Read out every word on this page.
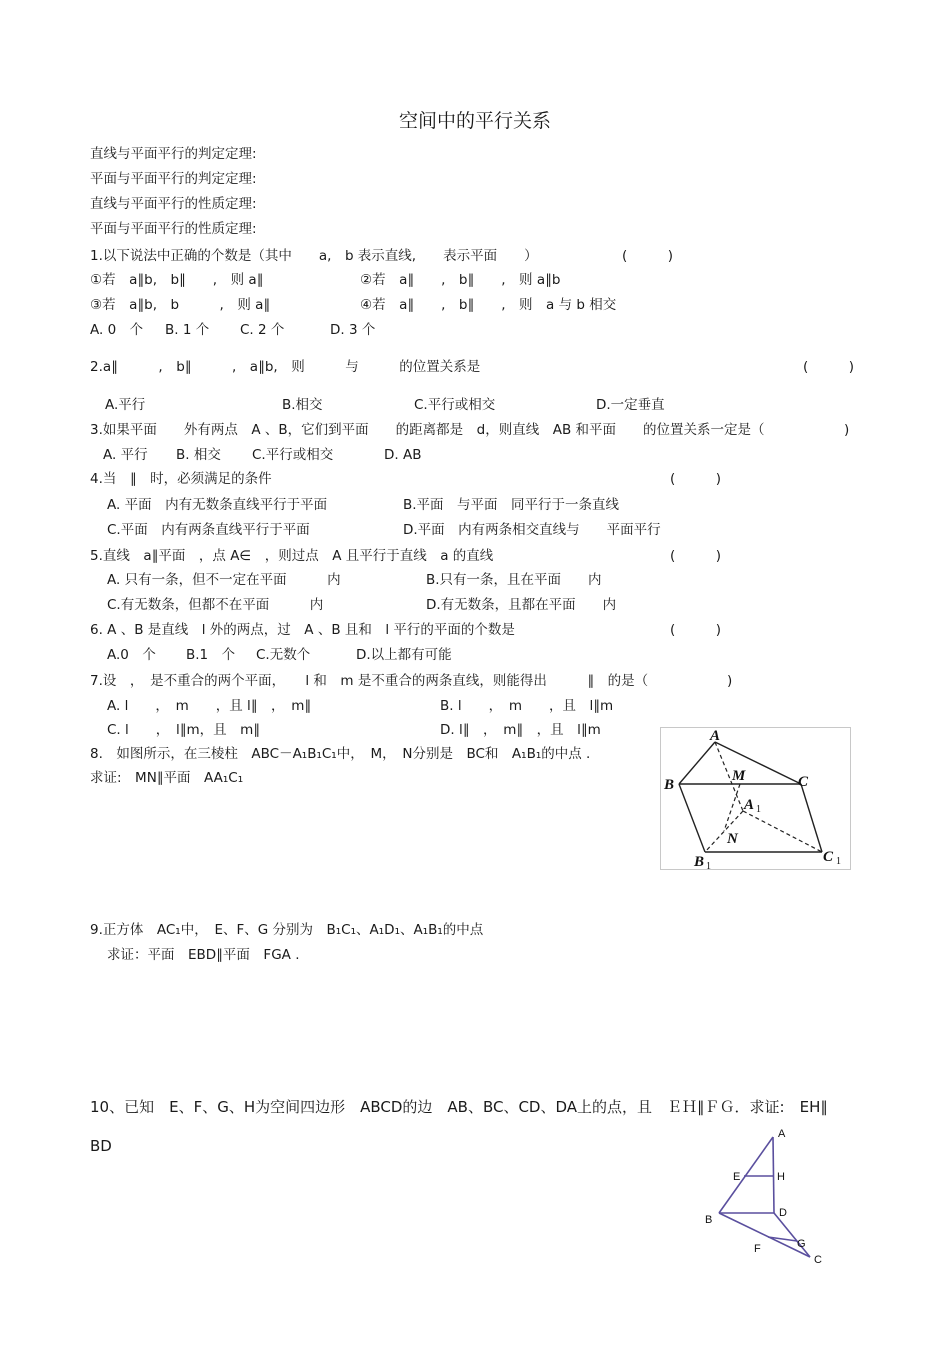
空间中的平行关系
直线与平面平行的判定定理:
平面与平面平行的判定定理:
直线与平面平行的性质定理:
平面与平面平行的性质定理:
1.以下说法中正确的个数是（其中　　a,　b 表示直线,　　表示平面　　）	(　　　)
①若　a∥b,　b∥　　,　则 a∥	②若　a∥　　,　b∥　　,　则 a∥b
③若　a∥b,　b　　　,　则 a∥	④若　a∥　　,　b∥　　,　则　a 与 b 相交
A. 0　个 B. 1 个 C. 2 个	D. 3 个
2.a∥　　　,　b∥　　　,　a∥b,　则　　　与　　　的位置关系是	(　　　)
A.平行	B.相交	C.平行或相交	D.一定垂直
3.如果平面　　外有两点　A 、B，它们到平面　　的距离都是　d，则直线　AB 和平面　　的位置关系一定是（	)
A. 平行 B. 相交 C.平行或相交	D. AB
4.当　∥　时，必须满足的条件	(　　　)
A. 平面　内有无数条直线平行于平面	B.平面　与平面　同平行于一条直线
C.平面　内有两条直线平行于平面	D.平面　内有两条相交直线与　　平面平行
5.直线　a∥平面　，点 A∈　，则过点　A 且平行于直线　a 的直线	(　　　)
A. 只有一条，但不一定在平面　　　内	B.只有一条，且在平面　　内
C.有无数条，但都不在平面　　　内	D.有无数条，且都在平面　　内
6. A 、B 是直线　l 外的两点，过　A 、B 且和　l 平行的平面的个数是	(　　　)
A.0　个 B.1　个 C.无数个	D.以上都有可能
7.设　，　是不重合的两个平面，　　l 和　m 是不重合的两条直线，则能得出　　　∥　的是（	)
A. l　　，　m　　，且 l∥　，　m∥	B. l　　，　m　　，且　l∥m
C. l　　，　l∥m，且　m∥	D. l∥　，　m∥　，且　l∥m
8.　如图所示，在三棱柱　ABC－A₁B₁C₁中，　M，　N分别是　BC和　A₁B₁的中点 .
求证:　MN∥平面　AA₁C₁
A
B
M	C
A
N
B	C
1
1	1
9.正方体　AC₁中，　E、F、G 分别为　B₁C₁、A₁D₁、A₁B₁的中点
求证：平面　EBD∥平面　FGA .
10、已知　E、F、G、H为空间四边形　ABCD的边　AB、BC、CD、DA上的点，且　ＥＨ∥ＦＧ．求证:　EH∥
BD
A
E	H
D
B
G
F
C
